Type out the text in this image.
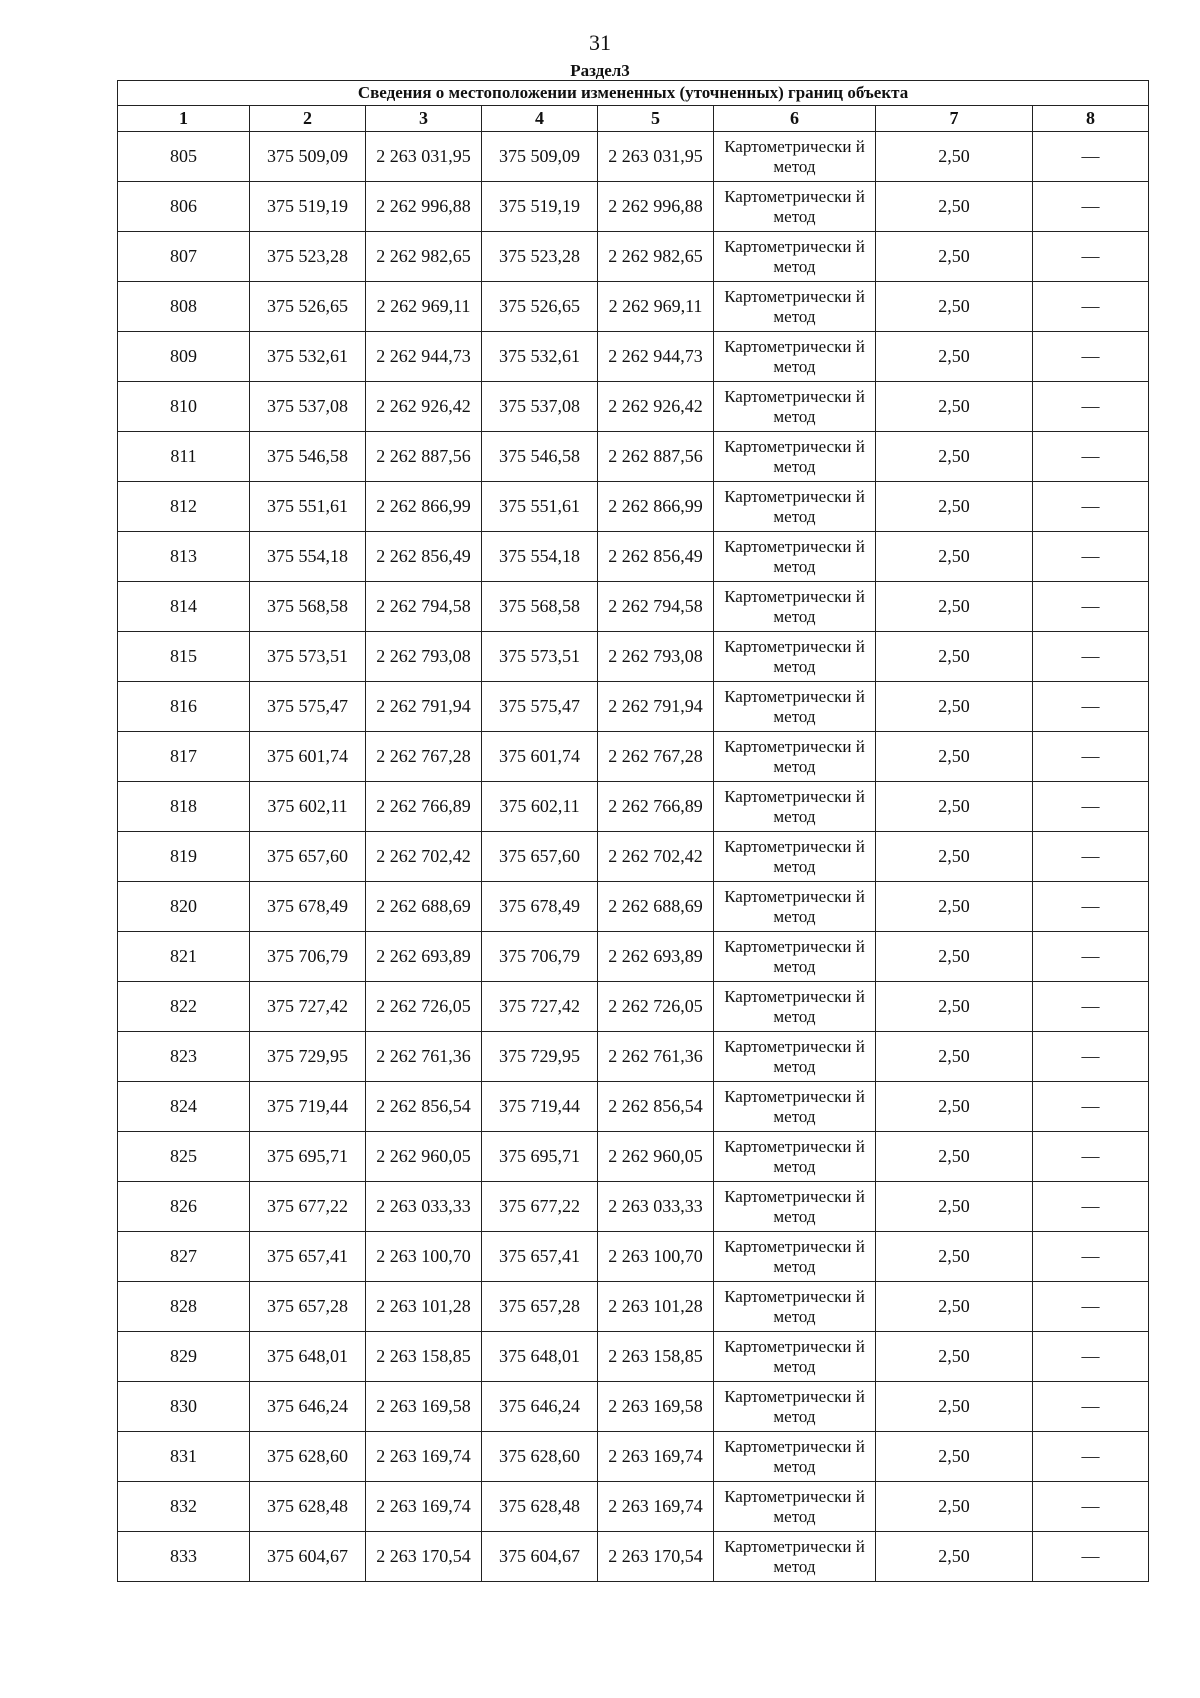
31
Раздел3
Сведения о местоположении измененных (уточненных) границ объекта							
1	2	3	4	5	6	7	8
805	375 509,09	2 263 031,95	375 509,09	2 263 031,95	Картометрически й метод	2,50	—
806	375 519,19	2 262 996,88	375 519,19	2 262 996,88	Картометрически й метод	2,50	—
807	375 523,28	2 262 982,65	375 523,28	2 262 982,65	Картометрически й метод	2,50	—
808	375 526,65	2 262 969,11	375 526,65	2 262 969,11	Картометрически й метод	2,50	—
809	375 532,61	2 262 944,73	375 532,61	2 262 944,73	Картометрически й метод	2,50	—
810	375 537,08	2 262 926,42	375 537,08	2 262 926,42	Картометрически й метод	2,50	—
811	375 546,58	2 262 887,56	375 546,58	2 262 887,56	Картометрически й метод	2,50	—
812	375 551,61	2 262 866,99	375 551,61	2 262 866,99	Картометрически й метод	2,50	—
813	375 554,18	2 262 856,49	375 554,18	2 262 856,49	Картометрически й метод	2,50	—
814	375 568,58	2 262 794,58	375 568,58	2 262 794,58	Картометрически й метод	2,50	—
815	375 573,51	2 262 793,08	375 573,51	2 262 793,08	Картометрически й метод	2,50	—
816	375 575,47	2 262 791,94	375 575,47	2 262 791,94	Картометрически й метод	2,50	—
817	375 601,74	2 262 767,28	375 601,74	2 262 767,28	Картометрически й метод	2,50	—
818	375 602,11	2 262 766,89	375 602,11	2 262 766,89	Картометрически й метод	2,50	—
819	375 657,60	2 262 702,42	375 657,60	2 262 702,42	Картометрически й метод	2,50	—
820	375 678,49	2 262 688,69	375 678,49	2 262 688,69	Картометрически й метод	2,50	—
821	375 706,79	2 262 693,89	375 706,79	2 262 693,89	Картометрически й метод	2,50	—
822	375 727,42	2 262 726,05	375 727,42	2 262 726,05	Картометрически й метод	2,50	—
823	375 729,95	2 262 761,36	375 729,95	2 262 761,36	Картометрически й метод	2,50	—
824	375 719,44	2 262 856,54	375 719,44	2 262 856,54	Картометрически й метод	2,50	—
825	375 695,71	2 262 960,05	375 695,71	2 262 960,05	Картометрически й метод	2,50	—
826	375 677,22	2 263 033,33	375 677,22	2 263 033,33	Картометрически й метод	2,50	—
827	375 657,41	2 263 100,70	375 657,41	2 263 100,70	Картометрически й метод	2,50	—
828	375 657,28	2 263 101,28	375 657,28	2 263 101,28	Картометрически й метод	2,50	—
829	375 648,01	2 263 158,85	375 648,01	2 263 158,85	Картометрически й метод	2,50	—
830	375 646,24	2 263 169,58	375 646,24	2 263 169,58	Картометрически й метод	2,50	—
831	375 628,60	2 263 169,74	375 628,60	2 263 169,74	Картометрически й метод	2,50	—
832	375 628,48	2 263 169,74	375 628,48	2 263 169,74	Картометрически й метод	2,50	—
833	375 604,67	2 263 170,54	375 604,67	2 263 170,54	Картометрически й метод	2,50	—
